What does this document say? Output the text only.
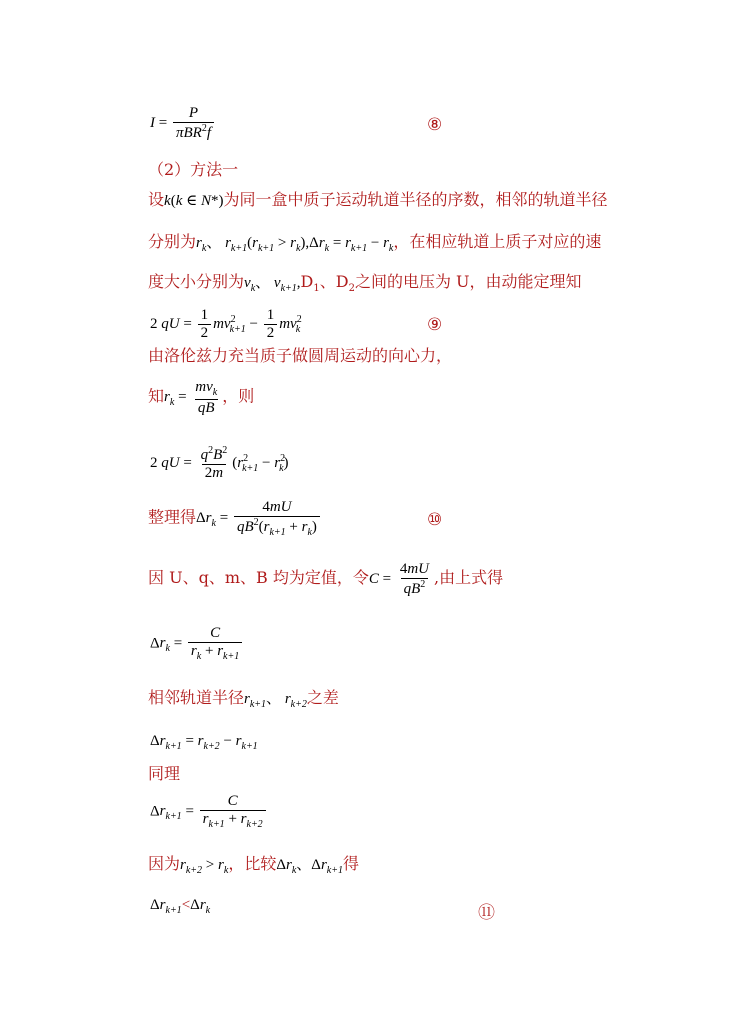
$I = \frac{P}{\pi BR^2f}$	⑧
（2）方法一
设k(k ∈ N*)为同一盒中质子运动轨道半径的序数，相邻的轨道半径
分别为$r_k$、 $r_{k+1}(r_{k+1} > r_k),\Delta r_k = r_{k+1} - r_k$，在相应轨道上质子对应的速
度大小分别为$v_k$、 $v_{k+1},D_1$、$D_2$之间的电压为 U，由动能定理知
2 qU = $\frac{1}{2} mv^2_{k+1} - \frac{1}{2} mv^2_k$	⑨
由洛伦兹力充当质子做圆周运动的向心力，
知$r_k = \frac{mv_k}{qB}$ ，则
2 qU = $\frac{q^2B^2}{2m} (r^2_{k+1} - r^2_k)$
整理得$\Delta r_k = \frac{4mU}{qB^2(r_{k+1} + r_k)}$	⑩
因 U、q、m、B 均为定值，令$C = \frac{4mU}{qB^2}$ ,由上式得
$\Delta r_k = \frac{C}{r_k + r_{k+1}}$
相邻轨道半径$r_{k+1}$、 $r_{k+2}$之差
$\Delta r_{k+1} = r_{k+2} - r_{k+1}$
同理
$\Delta r_{k+1} = \frac{C}{r_{k+1} + r_{k+2}}$
因为$r_{k+2} > r_k$，比较$\Delta r_k$、$\Delta r_{k+1}$得
$\Delta r_{k+1}<\Delta r_k$	⑪
